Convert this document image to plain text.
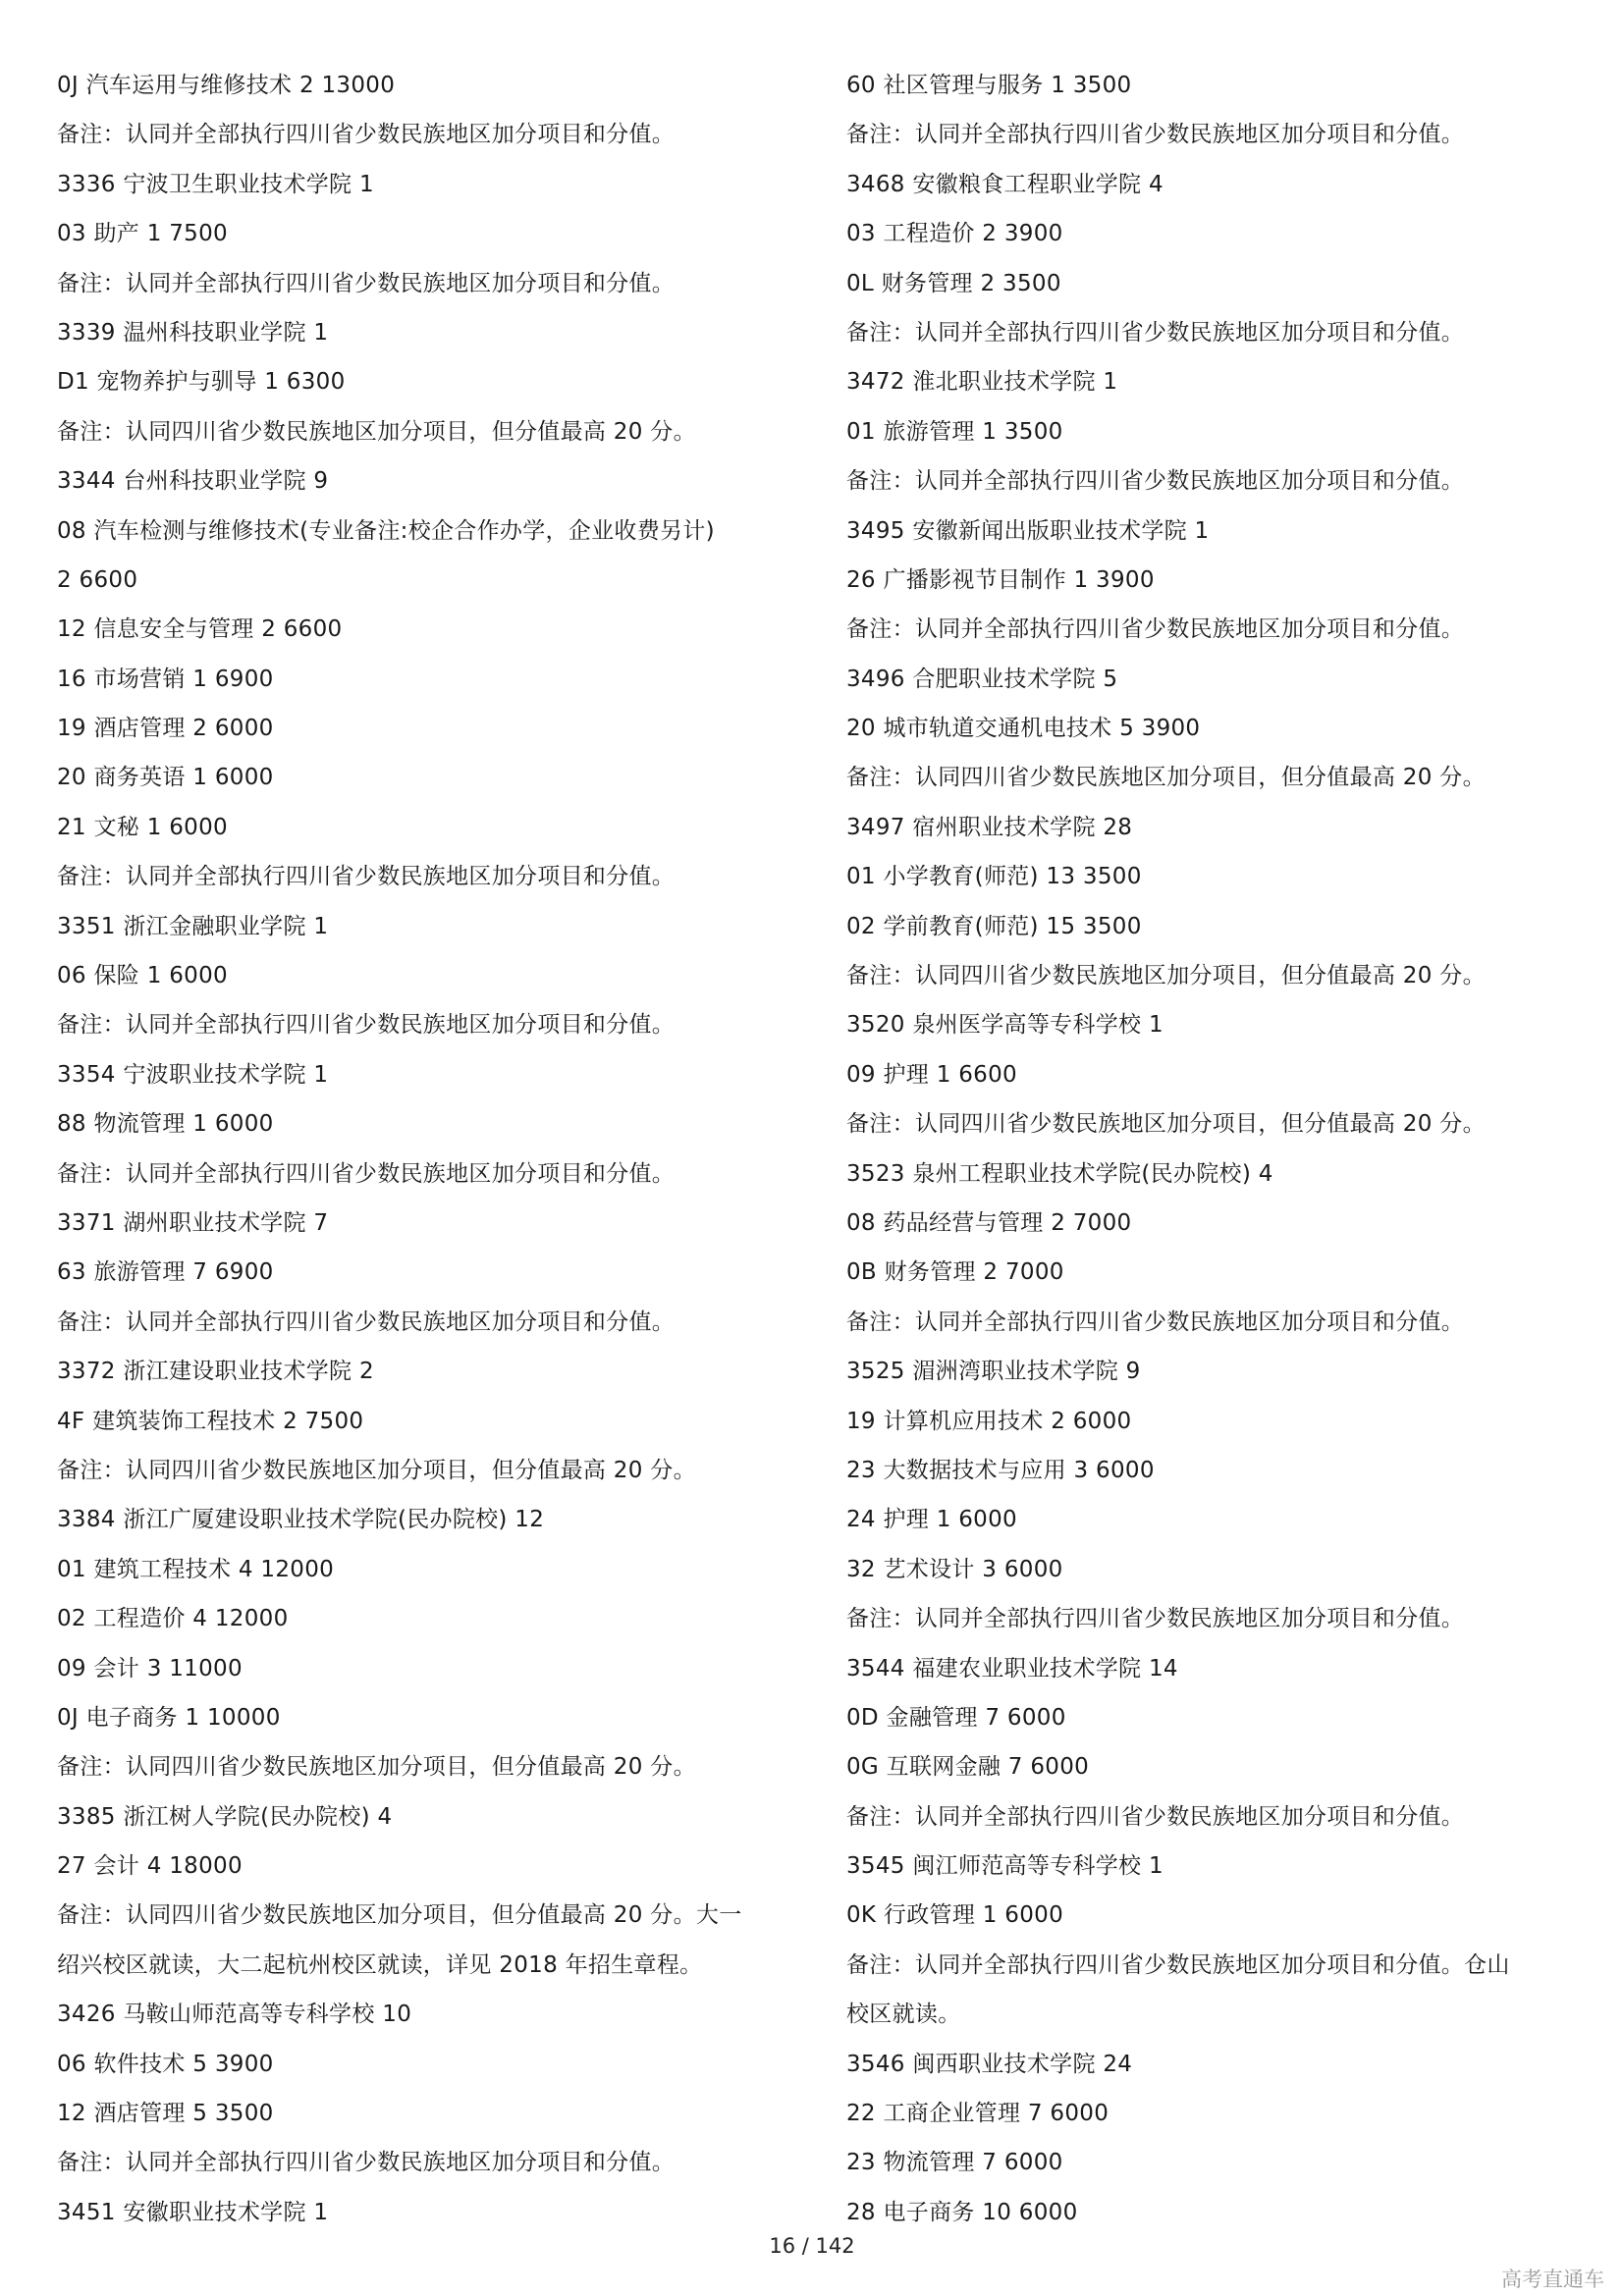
0J 汽车运用与维修技术 2 13000
备注：认同并全部执行四川省少数民族地区加分项目和分值。
3336 宁波卫生职业技术学院 1
03 助产 1 7500
备注：认同并全部执行四川省少数民族地区加分项目和分值。
3339 温州科技职业学院 1
D1 宠物养护与驯导 1 6300
备注：认同四川省少数民族地区加分项目，但分值最高 20 分。
3344 台州科技职业学院 9
08 汽车检测与维修技术(专业备注:校企合作办学，企业收费另计)
2 6600
12 信息安全与管理 2 6600
16 市场营销 1 6900
19 酒店管理 2 6000
20 商务英语 1 6000
21 文秘 1 6000
备注：认同并全部执行四川省少数民族地区加分项目和分值。
3351 浙江金融职业学院 1
06 保险 1 6000
备注：认同并全部执行四川省少数民族地区加分项目和分值。
3354 宁波职业技术学院 1
88 物流管理 1 6000
备注：认同并全部执行四川省少数民族地区加分项目和分值。
3371 湖州职业技术学院 7
63 旅游管理 7 6900
备注：认同并全部执行四川省少数民族地区加分项目和分值。
3372 浙江建设职业技术学院 2
4F 建筑装饰工程技术 2 7500
备注：认同四川省少数民族地区加分项目，但分值最高 20 分。
3384 浙江广厦建设职业技术学院(民办院校) 12
01 建筑工程技术 4 12000
02 工程造价 4 12000
09 会计 3 11000
0J 电子商务 1 10000
备注：认同四川省少数民族地区加分项目，但分值最高 20 分。
3385 浙江树人学院(民办院校) 4
27 会计 4 18000
备注：认同四川省少数民族地区加分项目，但分值最高 20 分。大一
绍兴校区就读，大二起杭州校区就读，详见 2018 年招生章程。
3426 马鞍山师范高等专科学校 10
06 软件技术 5 3900
12 酒店管理 5 3500
备注：认同并全部执行四川省少数民族地区加分项目和分值。
3451 安徽职业技术学院 1
60 社区管理与服务 1 3500
备注：认同并全部执行四川省少数民族地区加分项目和分值。
3468 安徽粮食工程职业学院 4
03 工程造价 2 3900
0L 财务管理 2 3500
备注：认同并全部执行四川省少数民族地区加分项目和分值。
3472 淮北职业技术学院 1
01 旅游管理 1 3500
备注：认同并全部执行四川省少数民族地区加分项目和分值。
3495 安徽新闻出版职业技术学院 1
26 广播影视节目制作 1 3900
备注：认同并全部执行四川省少数民族地区加分项目和分值。
3496 合肥职业技术学院 5
20 城市轨道交通机电技术 5 3900
备注：认同四川省少数民族地区加分项目，但分值最高 20 分。
3497 宿州职业技术学院 28
01 小学教育(师范) 13 3500
02 学前教育(师范) 15 3500
备注：认同四川省少数民族地区加分项目，但分值最高 20 分。
3520 泉州医学高等专科学校 1
09 护理 1 6600
备注：认同四川省少数民族地区加分项目，但分值最高 20 分。
3523 泉州工程职业技术学院(民办院校) 4
08 药品经营与管理 2 7000
0B 财务管理 2 7000
备注：认同并全部执行四川省少数民族地区加分项目和分值。
3525 湄洲湾职业技术学院 9
19 计算机应用技术 2 6000
23 大数据技术与应用 3 6000
24 护理 1 6000
32 艺术设计 3 6000
备注：认同并全部执行四川省少数民族地区加分项目和分值。
3544 福建农业职业技术学院 14
0D 金融管理 7 6000
0G 互联网金融 7 6000
备注：认同并全部执行四川省少数民族地区加分项目和分值。
3545 闽江师范高等专科学校 1
0K 行政管理 1 6000
备注：认同并全部执行四川省少数民族地区加分项目和分值。仓山
校区就读。
3546 闽西职业技术学院 24
22 工商企业管理 7 6000
23 物流管理 7 6000
28 电子商务 10 6000
16 / 142
高考直通车
